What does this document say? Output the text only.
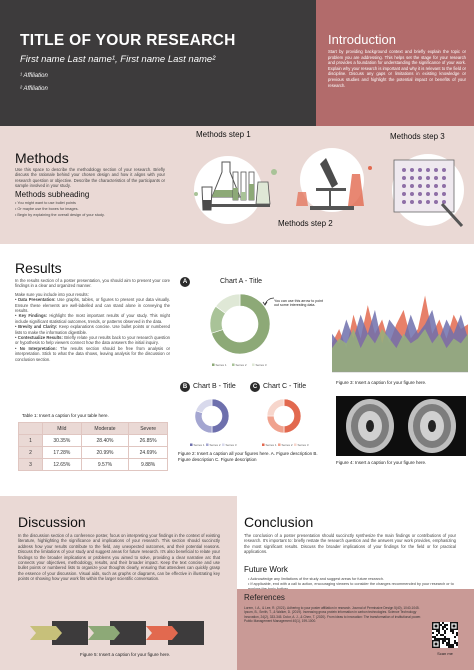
TITLE OF YOUR RESEARCH
First name Last name¹, First name Last name²
¹ Affiliation
² Affiliation
Introduction
Start by providing background context and briefly explain the topic or problem you are addressing. This helps set the stage for your research and provides a foundation for understanding the significance of your work. Explain why your research is important and why it is relevant to the field or discipline. Discuss any gaps or limitations in existing knowledge or previous studies and highlight the potential impact or benefits of your research.
Methods
Use this space to describe the methodology section of your research. Briefly discuss the rationale behind your chosen design and how it aligns with your research question or objective. Describe the characteristics of the participants or sample involved in your study.
Methods subheading
• You might want to use bullet points
• Or maybe use the boxes for images.
• Begin by explaining the overall design of your study.
Methods step 1
Methods step 2
Methods step 3
Results
In the results section of a poster presentation, you should aim to present your core findings in a clear and organized manner.
Make sure you include into your results:
• Data Presentation: Use graphs, tables, or figures to present your data visually. Ensure these elements are well-labelled and can stand alone in conveying the results.
• Key Findings: Highlight the most important results of your study. This might include significant statistical outcomes, trends, or patterns observed in the data.
• Brevity and Clarity: Keep explanations concise. Use bullet points or numbered lists to make the information digestible.
• Contextualize Results: Briefly relate your results back to your research question or hypothesis to help viewers connect how the data answers the initial inquiry.
• No Interpretation: The results section should be free from analysis or interpretation. Stick to what the data shows, leaving analysis for the discussion or conclusion section.
Table 1: Insert a caption for your table here.
	Mild	Moderate	Severe
1	30.35%	28.40%	26.85%
2	17.28%	20.99%	24.69%
3	12.65%	9.57%	9.88%
A	Chart A - Title
Series 1	Series 2	Series 3
You can use this arrow to point out some interesting data.
B Chart B - Title
Series 1 Series 2 Series 3
C Chart C - Title
Series 1 Series 2 Series 3
Figure 2: Insert a caption all your figures here. A. Figure description B. Figure description C. Figure description
Figure 3: Insert a caption for your figure here.
Figure 4: Insert a caption for your figure here.
Discussion
In the discussion section of a conference poster, focus on interpreting your findings in the context of existing literature, highlighting the significance and implications of your research. This section should succinctly address how your results contribute to the field, any unexpected outcomes, and their potential reasons. Discuss the limitations of your study and suggest areas for future research. It's also beneficial to relate your findings to the broader implications or problems you aimed to solve, providing a clear narrative arc that connects your objectives, methodology, results, and their broader impact. Keep the text concise and use bullet points or numbered lists to organize your thoughts clearly, ensuring that attendees can quickly grasp the essence of your discussion. Visual aids, such as graphs or diagrams, can be effective in illustrating key points or showing how your work fits within the larger scientific conversation.
Figure 5: Insert a caption for your figure here.
Conclusion
The conclusion of a poster presentation should succinctly synthesize the main findings or contributions of your research. It's important to: briefly restate the research question and the answers your work provides, emphasizing the most significant results. Discuss the broader implications of your findings for the field or for practical applications.
Future Work
• Acknowledge any limitations of the study and suggest areas for future research.
• If applicable, end with a call to action, encouraging viewers to consider the changes recommended by your research or to
References
Lorem, I. A., & Lee, R. (2021). Adhering to your poster affiliation in research. Journal of Permissive Design 5(40), 1040-1045. Ipsum, B., Smith, T., & Walker, D. (2019). Increasing gross protein information in carbon technologies. Science Technology Innovation, 24(2), 333-345. Dolor, A. J., & Chen, T. (2020). From ideas to innovation: The transformation of institutional power. Public Management Management 40(1), 199-1000.
Scan me
